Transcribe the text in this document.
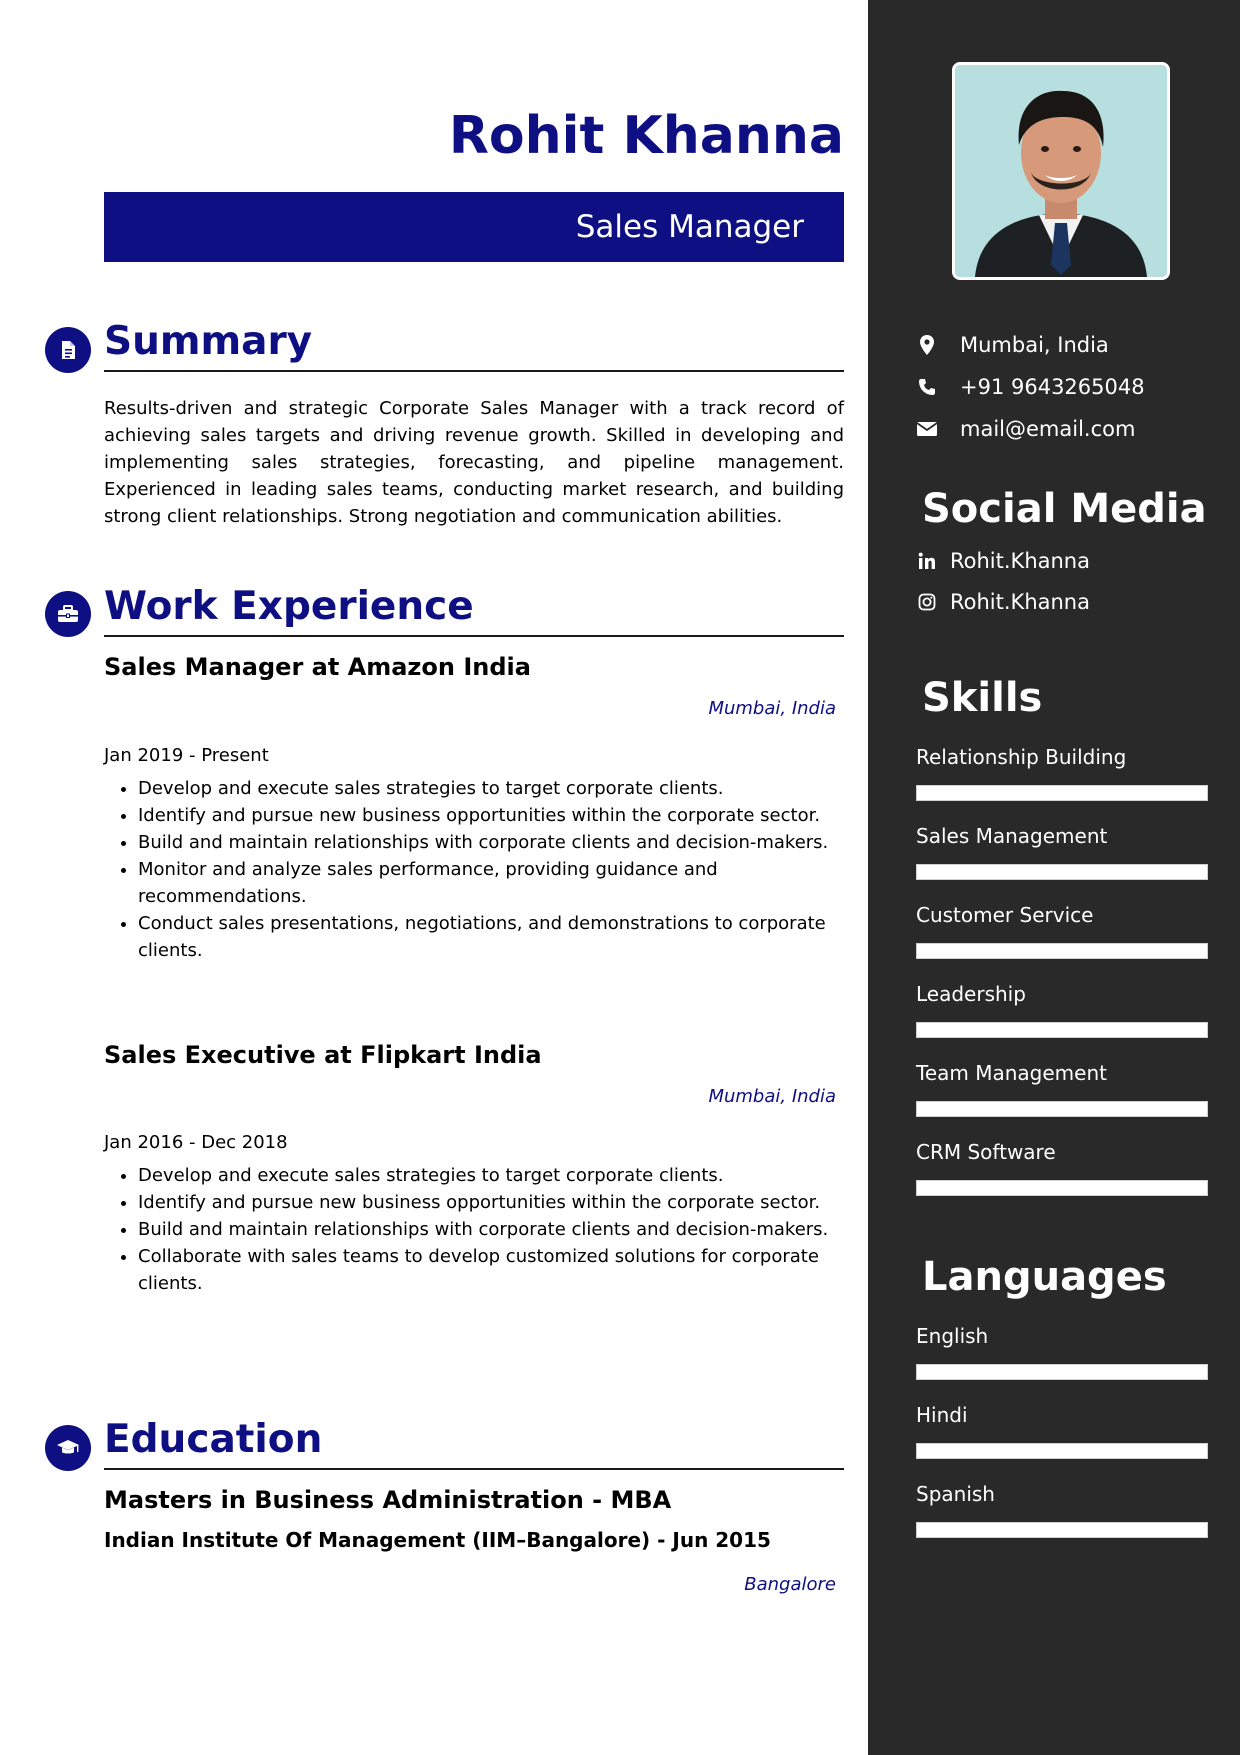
Rohit Khanna
Sales Manager
Summary

Results-driven and strategic Corporate Sales Manager with a track record of achieving sales targets and driving revenue growth. Skilled in developing and implementing sales strategies, forecasting, and pipeline management. Experienced in leading sales teams, conducting market research, and building strong client relationships. Strong negotiation and communication abilities.

Work Experience
Sales Manager at Amazon India
Mumbai, India
Jan 2019 - Present
• Develop and execute sales strategies to target corporate clients.
• Identify and pursue new business opportunities within the corporate sector.
• Build and maintain relationships with corporate clients and decision-makers.
• Monitor and analyze sales performance, providing guidance and recommendations.
• Conduct sales presentations, negotiations, and demonstrations to corporate clients.
Sales Executive at Flipkart India
Mumbai, India
Jan 2016 - Dec 2018
• Develop and execute sales strategies to target corporate clients.
• Identify and pursue new business opportunities within the corporate sector.
• Build and maintain relationships with corporate clients and decision-makers.
• Collaborate with sales teams to develop customized solutions for corporate clients.
Education
Masters in Business Administration - MBA
Indian Institute Of Management (IIM–Bangalore) - Jun 2015
Bangalore
Mumbai, India
+91 9643265048
mail@email.com
Social Media
Rohit.Khanna
Rohit.Khanna
Skills
Relationship Building
Sales Management
Customer Service
Leadership
Team Management
CRM Software
Languages
English
Hindi
Spanish
